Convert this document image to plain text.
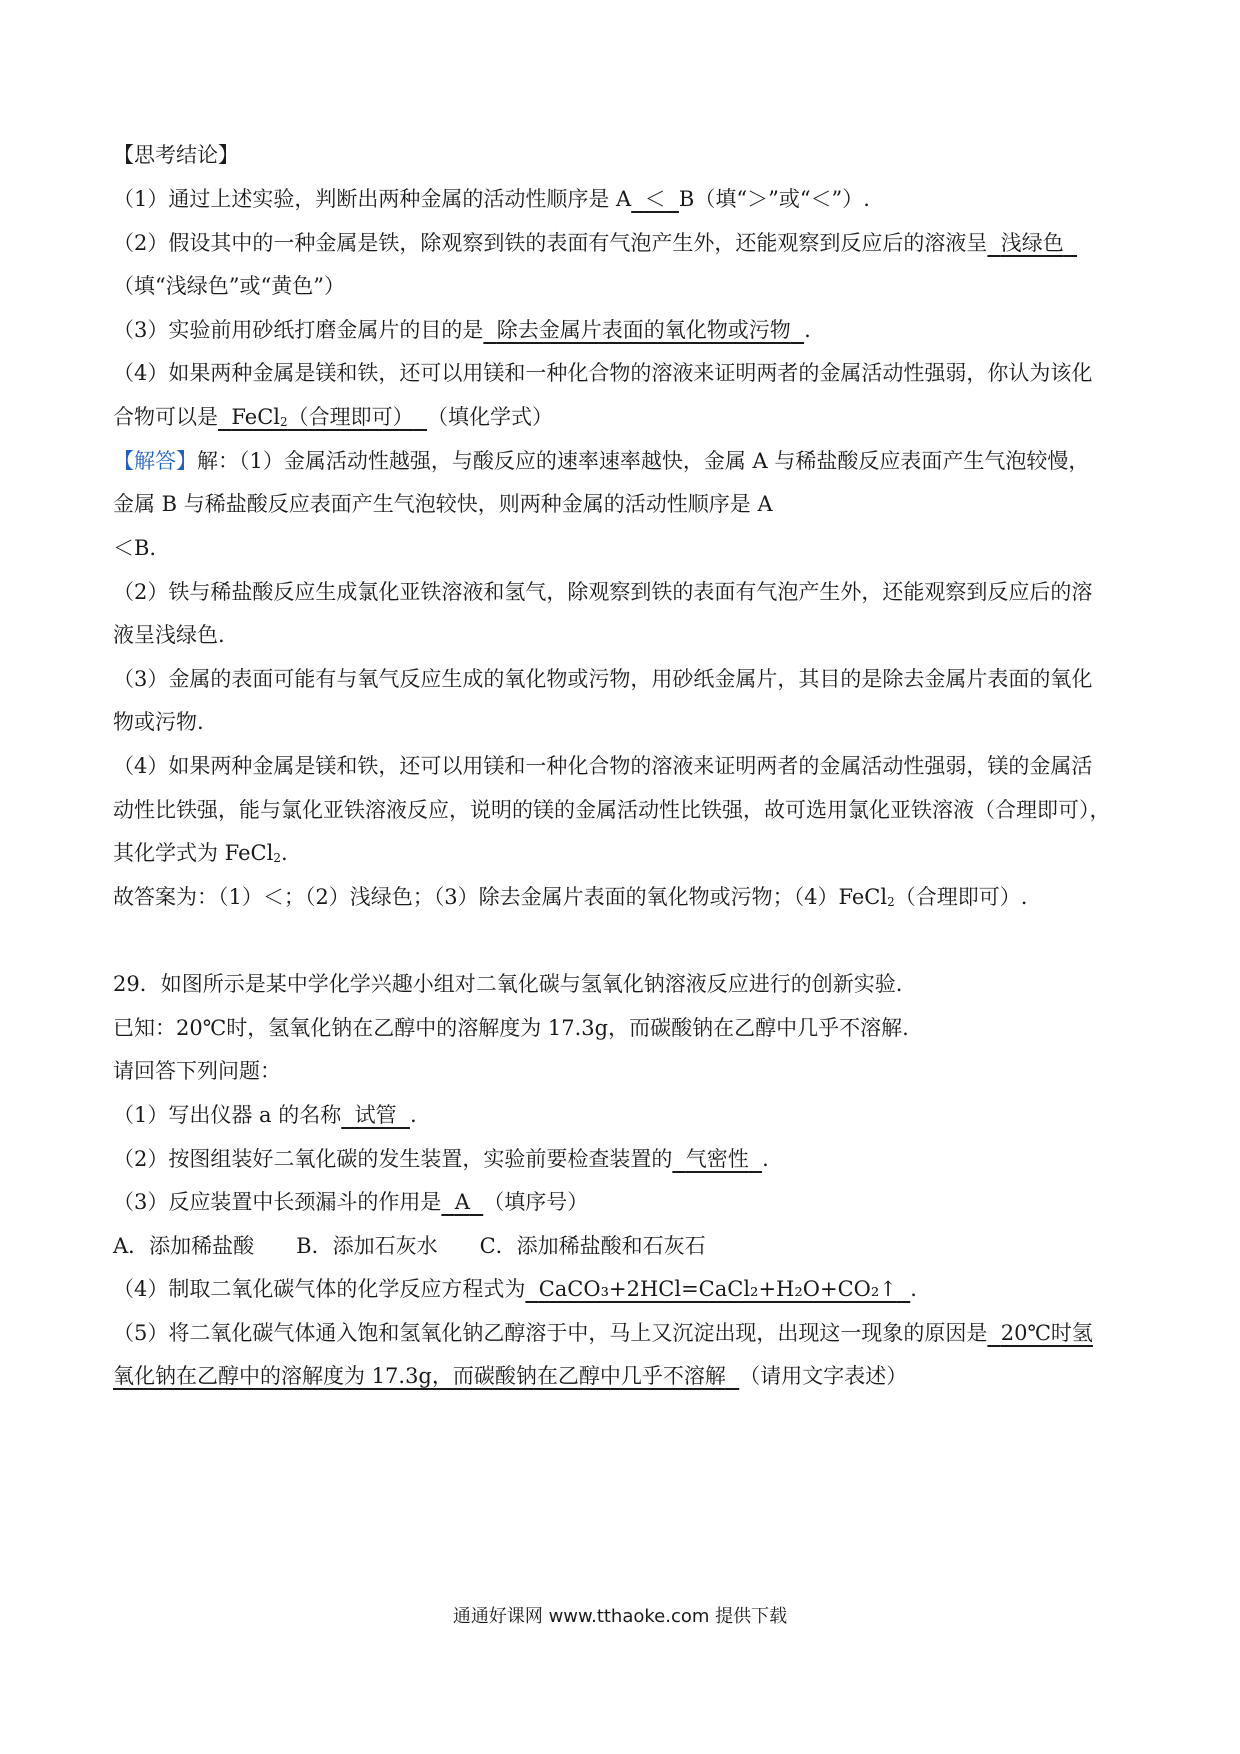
【思考结论】
（1）通过上述实验，判断出两种金属的活动性顺序是 A ＜ B（填“＞”或“＜”）.
（2）假设其中的一种金属是铁，除观察到铁的表面有气泡产生外，还能观察到反应后的溶液呈 浅绿色
（填“浅绿色”或“黄色”）
（3）实验前用砂纸打磨金属片的目的是 除去金属片表面的氧化物或污物 .
（4）如果两种金属是镁和铁，还可以用镁和一种化合物的溶液来证明两者的金属活动性强弱，你认为该化
合物可以是 FeCl$_2$（合理即可） （填化学式）
【解答】解：（1）金属活动性越强，与酸反应的速率速率越快，金属 A 与稀盐酸反应表面产生气泡较慢，
金属 B 与稀盐酸反应表面产生气泡较快，则两种金属的活动性顺序是 A
＜B.
（2）铁与稀盐酸反应生成氯化亚铁溶液和氢气，除观察到铁的表面有气泡产生外，还能观察到反应后的溶
液呈浅绿色.
（3）金属的表面可能有与氧气反应生成的氧化物或污物，用砂纸金属片，其目的是除去金属片表面的氧化
物或污物.
（4）如果两种金属是镁和铁，还可以用镁和一种化合物的溶液来证明两者的金属活动性强弱，镁的金属活
动性比铁强，能与氯化亚铁溶液反应，说明的镁的金属活动性比铁强，故可选用氯化亚铁溶液（合理即可），
其化学式为 FeCl$_2$.
故答案为：（1）＜；（2）浅绿色；（3）除去金属片表面的氧化物或污物；（4）FeCl$_2$（合理即可）.
29．如图所示是某中学化学兴趣小组对二氧化碳与氢氧化钠溶液反应进行的创新实验.
已知：20℃时，氢氧化钠在乙醇中的溶解度为 17.3g，而碳酸钠在乙醇中几乎不溶解.
请回答下列问题：
（1）写出仪器 a 的名称 试管 .
（2）按图组装好二氧化碳的发生装置，实验前要检查装置的 气密性 .
（3）反应装置中长颈漏斗的作用是 A （填序号）
A．添加稀盐酸　　B．添加石灰水　　C．添加稀盐酸和石灰石
（4）制取二氧化碳气体的化学反应方程式为 CaCO₃+2HCl=CaCl₂+H₂O+CO₂↑ .
（5）将二氧化碳气体通入饱和氢氧化钠乙醇溶于中，马上又沉淀出现，出现这一现象的原因是 20℃时氢
氧化钠在乙醇中的溶解度为 17.3g，而碳酸钠在乙醇中几乎不溶解 （请用文字表述）
通通好课网 www.tthaoke.com 提供下载
